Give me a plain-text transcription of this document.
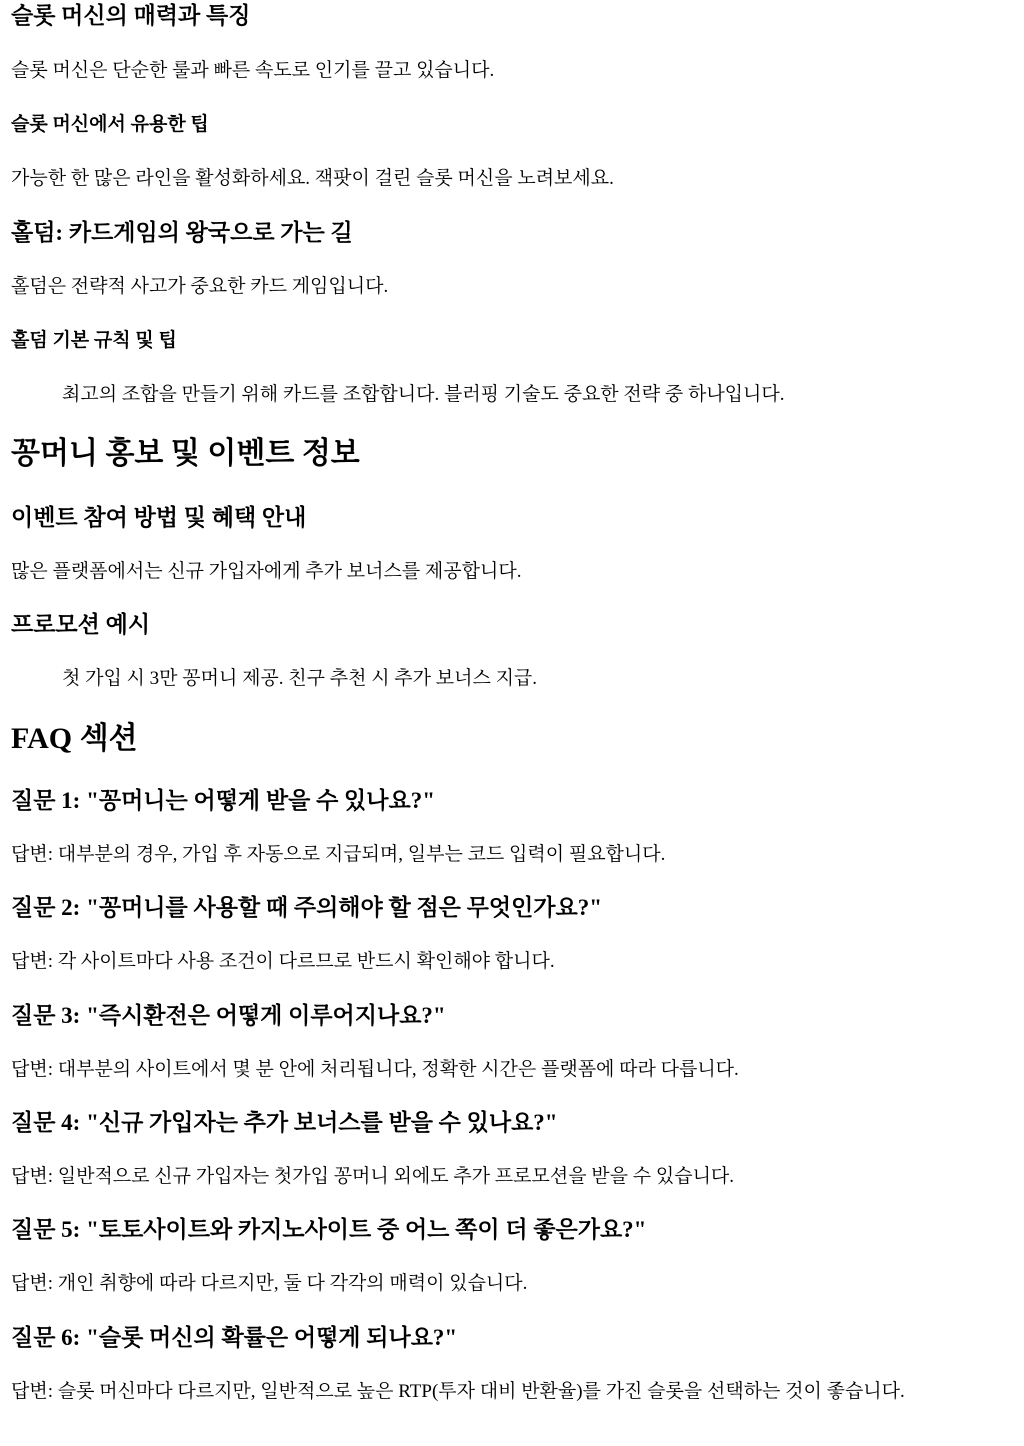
슬롯 머신의 매력과 특징

슬롯 머신은 단순한 룰과 빠른 속도로 인기를 끌고 있습니다.

슬롯 머신에서 유용한 팁

가능한 한 많은 라인을 활성화하세요. 잭팟이 걸린 슬롯 머신을 노려보세요.

홀덤: 카드게임의 왕국으로 가는 길

홀덤은 전략적 사고가 중요한 카드 게임입니다.

홀덤 기본 규칙 및 팁
최고의 조합을 만들기 위해 카드를 조합합니다. 블러핑 기술도 중요한 전략 중 하나입니다.
꽁머니 홍보 및 이벤트 정보
이벤트 참여 방법 및 혜택 안내

많은 플랫폼에서는 신규 가입자에게 추가 보너스를 제공합니다.

프로모션 예시
첫 가입 시 3만 꽁머니 제공. 친구 추천 시 추가 보너스 지급.
FAQ 섹션
질문 1: "꽁머니는 어떻게 받을 수 있나요?"

답변: 대부분의 경우, 가입 후 자동으로 지급되며, 일부는 코드 입력이 필요합니다.

질문 2: "꽁머니를 사용할 때 주의해야 할 점은 무엇인가요?"

답변: 각 사이트마다 사용 조건이 다르므로 반드시 확인해야 합니다.

질문 3: "즉시환전은 어떻게 이루어지나요?"

답변: 대부분의 사이트에서 몇 분 안에 처리됩니다, 정확한 시간은 플랫폼에 따라 다릅니다.

질문 4: "신규 가입자는 추가 보너스를 받을 수 있나요?"

답변: 일반적으로 신규 가입자는 첫가입 꽁머니 외에도 추가 프로모션을 받을 수 있습니다.

질문 5: "토토사이트와 카지노사이트 중 어느 쪽이 더 좋은가요?"

답변: 개인 취향에 따라 다르지만, 둘 다 각각의 매력이 있습니다.

질문 6: "슬롯 머신의 확률은 어떻게 되나요?"

답변: 슬롯 머신마다 다르지만, 일반적으로 높은 RTP(투자 대비 반환율)를 가진 슬롯을 선택하는 것이 좋습니다.
